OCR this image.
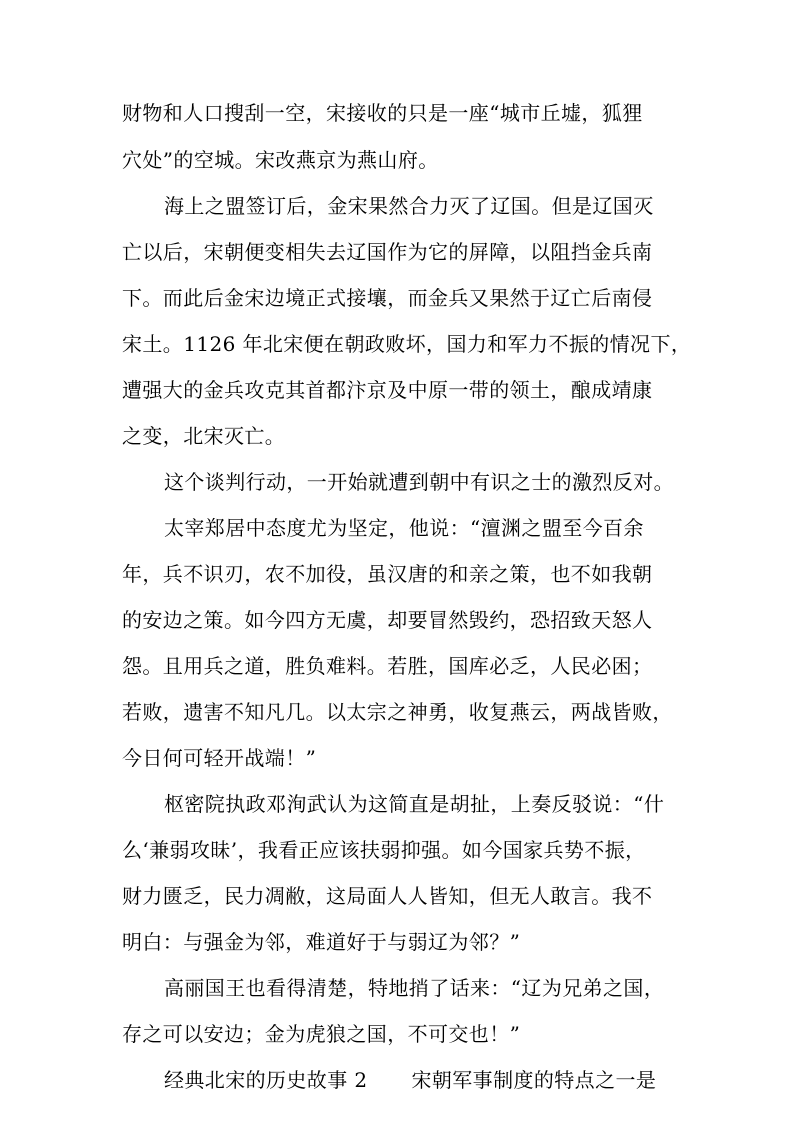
财物和人口搜刮一空，宋接收的只是一座“城市丘墟，狐狸
穴处”的空城。宋改燕京为燕山府。
海上之盟签订后，金宋果然合力灭了辽国。但是辽国灭
亡以后，宋朝便变相失去辽国作为它的屏障，以阻挡金兵南
下。而此后金宋边境正式接壤，而金兵又果然于辽亡后南侵
宋土。1126 年北宋便在朝政败坏，国力和军力不振的情况下，
遭强大的金兵攻克其首都汴京及中原一带的领土，酿成靖康
之变，北宋灭亡。
这个谈判行动，一开始就遭到朝中有识之士的激烈反对。
太宰郑居中态度尤为坚定，他说：“澶渊之盟至今百余
年，兵不识刃，农不加役，虽汉唐的和亲之策，也不如我朝
的安边之策。如今四方无虞，却要冒然毁约，恐招致天怒人
怨。且用兵之道，胜负难料。若胜，国库必乏，人民必困；
若败，遗害不知凡几。以太宗之神勇，收复燕云，两战皆败，
今日何可轻开战端！”
枢密院执政邓洵武认为这简直是胡扯，上奏反驳说：“什
么‘兼弱攻昧’，我看正应该扶弱抑强。如今国家兵势不振，
财力匮乏，民力凋敝，这局面人人皆知，但无人敢言。我不
明白：与强金为邻，难道好于与弱辽为邻？”
高丽国王也看得清楚，特地捎了话来：“辽为兄弟之国，
存之可以安边；金为虎狼之国，不可交也！”
经典北宋的历史故事 2 宋朝军事制度的特点之一是
